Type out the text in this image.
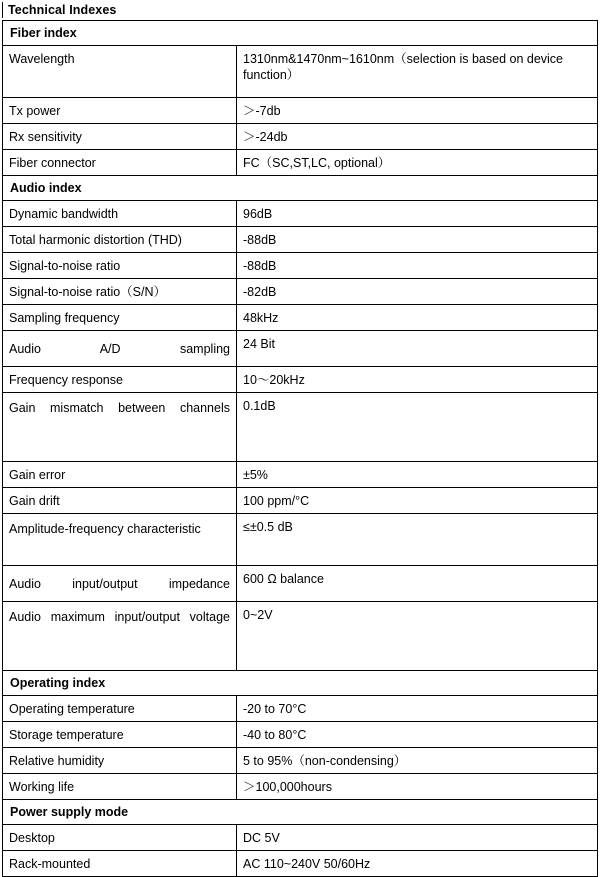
Technical Indexes
Fiber index	
Wavelength	1310nm&1470nm~1610nm（selection is based on device function）
Tx power	＞-7db
Rx sensitivity	＞-24db
Fiber connector	FC（SC,ST,LC, optional）
Audio index	
Dynamic bandwidth	96dB
Total harmonic distortion (THD)	-88dB
Signal-to-noise ratio	-88dB
Signal-to-noise ratio（S/N）	-82dB
Sampling frequency	48kHz

Audio A/D sampling	24 Bit
Frequency response	10〜20kHz

Gain mismatch between channels	0.1dB
Gain error	±5%
Gain drift	100 ppm/°C

Amplitude-frequency characteristic	≤±0.5 dB

Audio input/output impedance	600 Ω balance

Audio maximum input/output voltage	0~2V
Operating index	
Operating temperature	-20 to 70°C
Storage temperature	-40 to 80°C
Relative humidity	5 to 95%（non-condensing）
Working life	＞100,000hours
Power supply mode	
Desktop	DC 5V
Rack-mounted	AC 110~240V 50/60Hz
